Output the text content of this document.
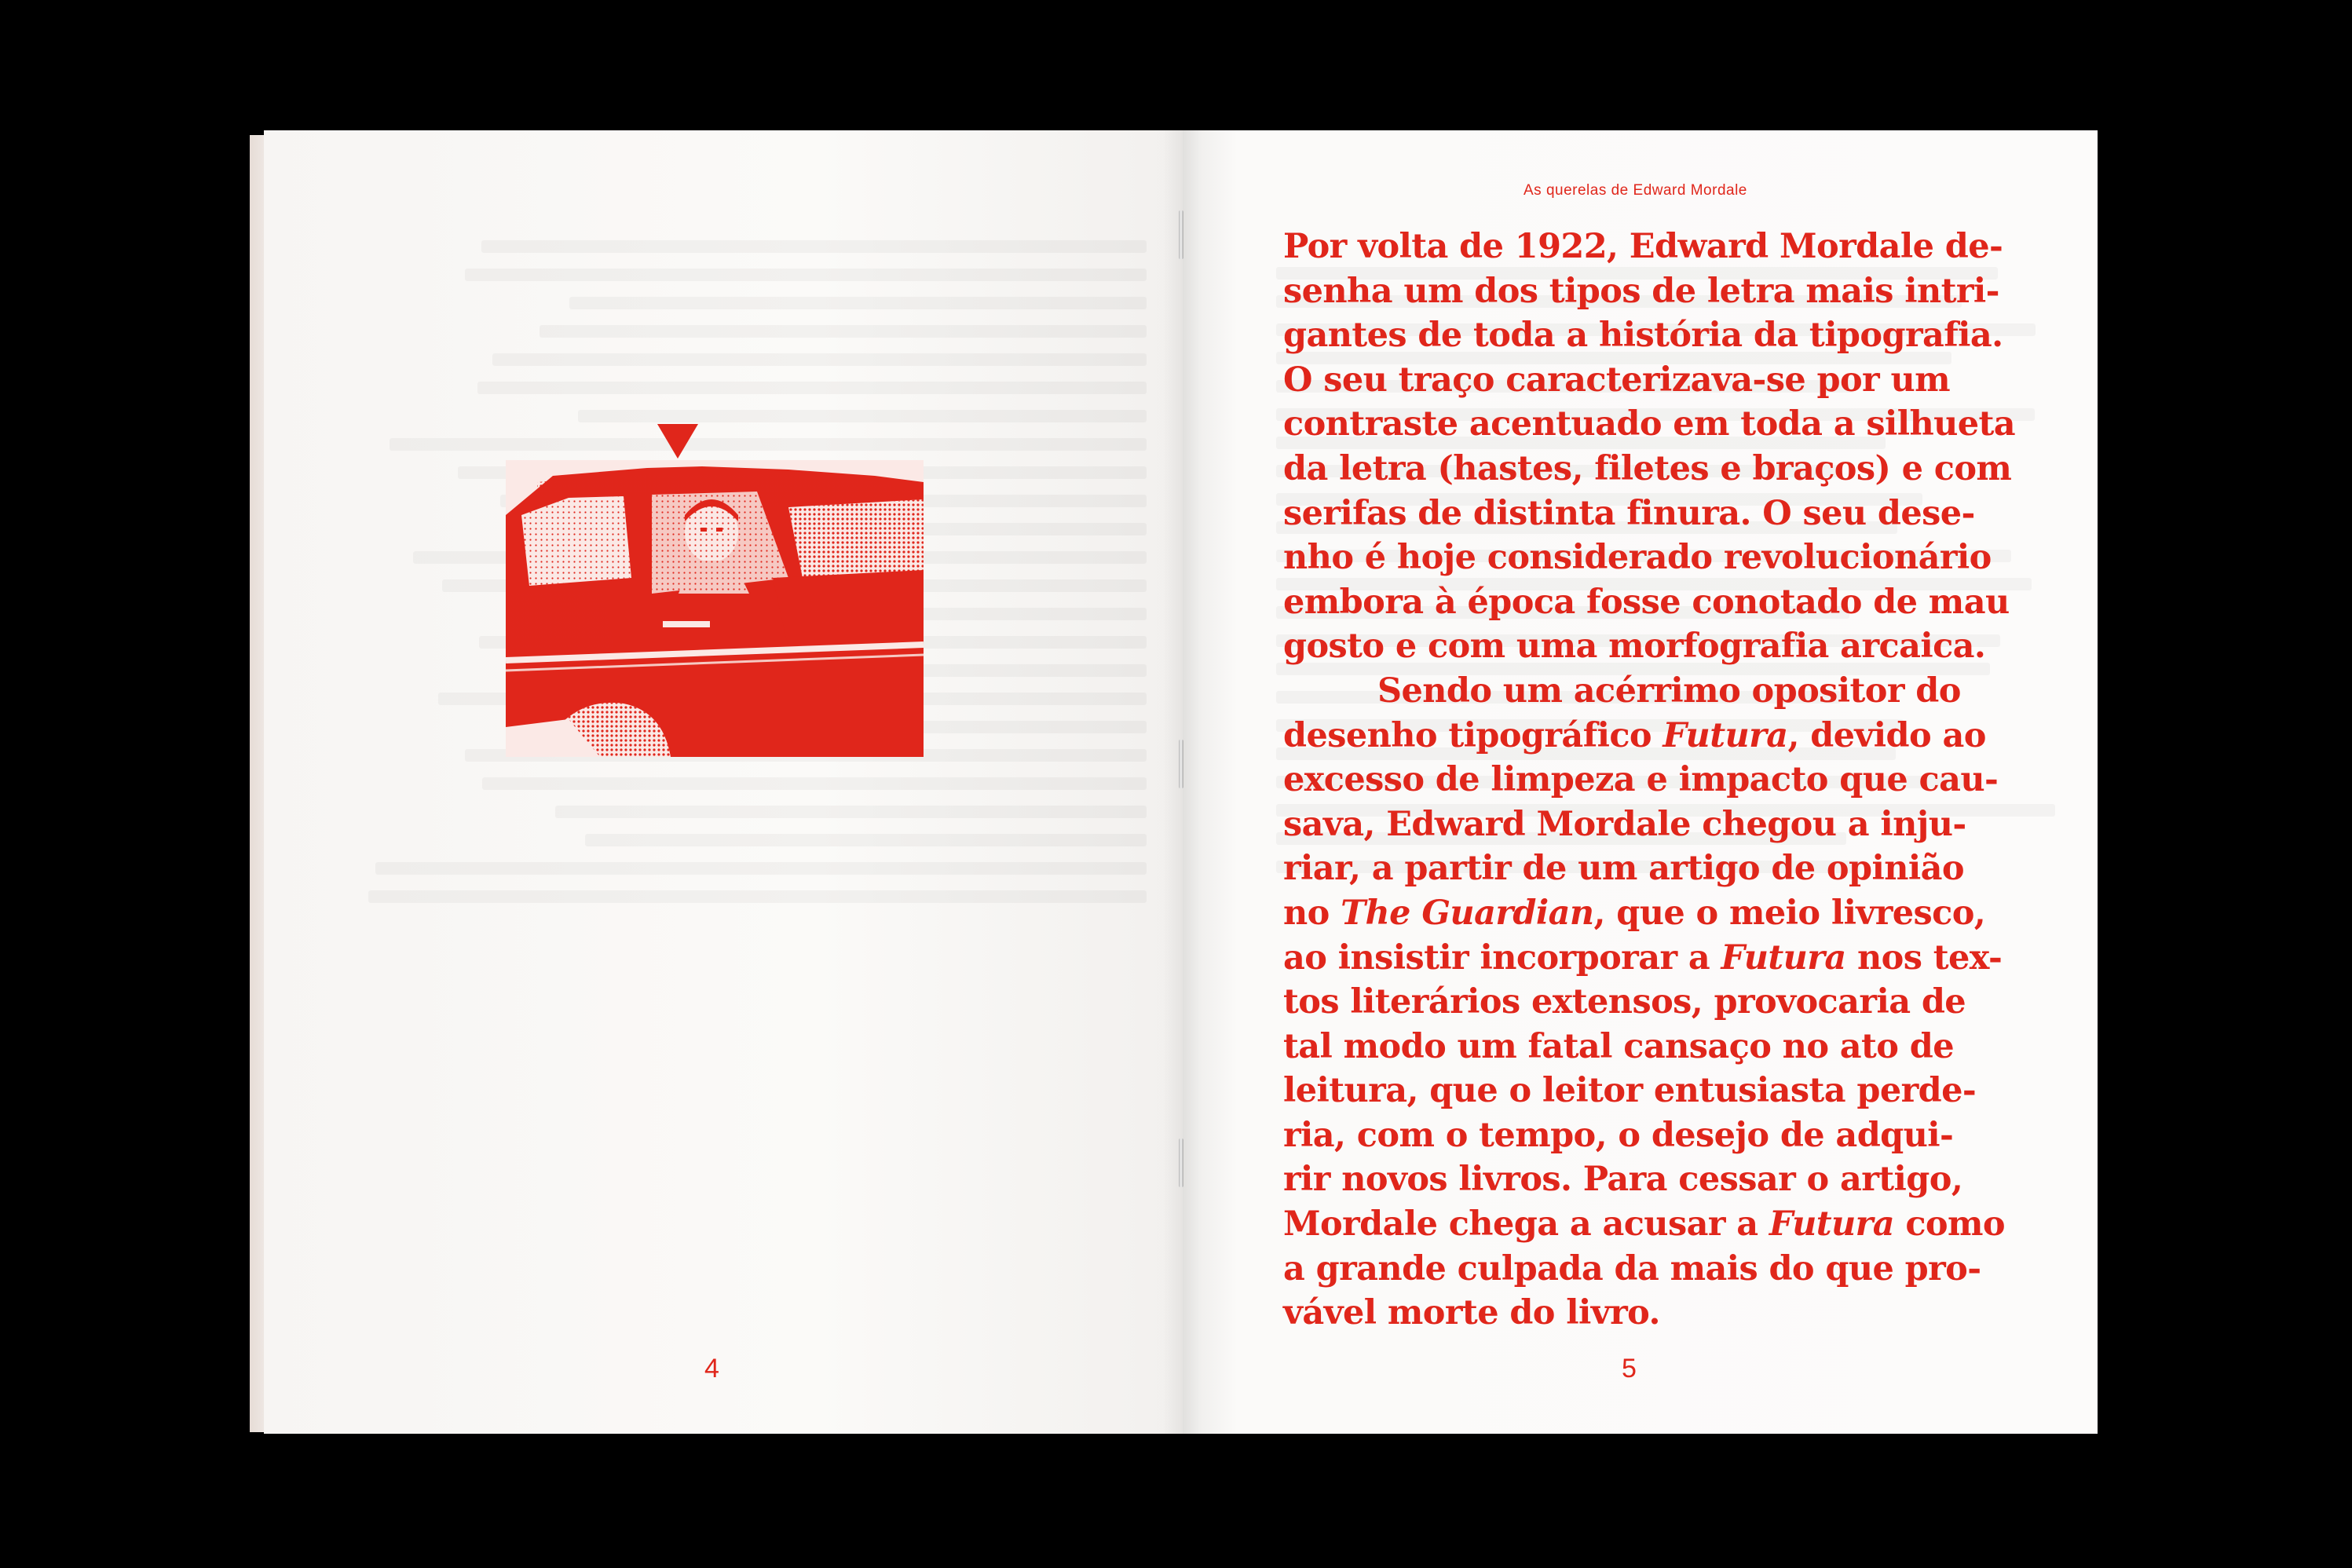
4
As querelas de Edward Mordale
Por volta de 1922, Edward Mordale de-
senha um dos tipos de letra mais intri-
gantes de toda a história da tipografia.
O seu traço caracterizava-se por um
contraste acentuado em toda a silhueta
da letra (hastes, filetes e braços) e com
serifas de distinta finura. O seu dese-
nho é hoje considerado revolucionário
embora à época fosse conotado de mau
gosto e com uma morfografia arcaica.
Sendo um acérrimo opositor do
desenho tipográfico Futura, devido ao
excesso de limpeza e impacto que cau-
sava, Edward Mordale chegou a inju-
riar, a partir de um artigo de opinião
no The Guardian, que o meio livresco,
ao insistir incorporar a Futura nos tex-
tos literários extensos, provocaria de
tal modo um fatal cansaço no ato de
leitura, que o leitor entusiasta perde-
ria, com o tempo, o desejo de adqui-
rir novos livros. Para cessar o artigo,
Mordale chega a acusar a Futura como
a grande culpada da mais do que pro-
vável morte do livro.
5
